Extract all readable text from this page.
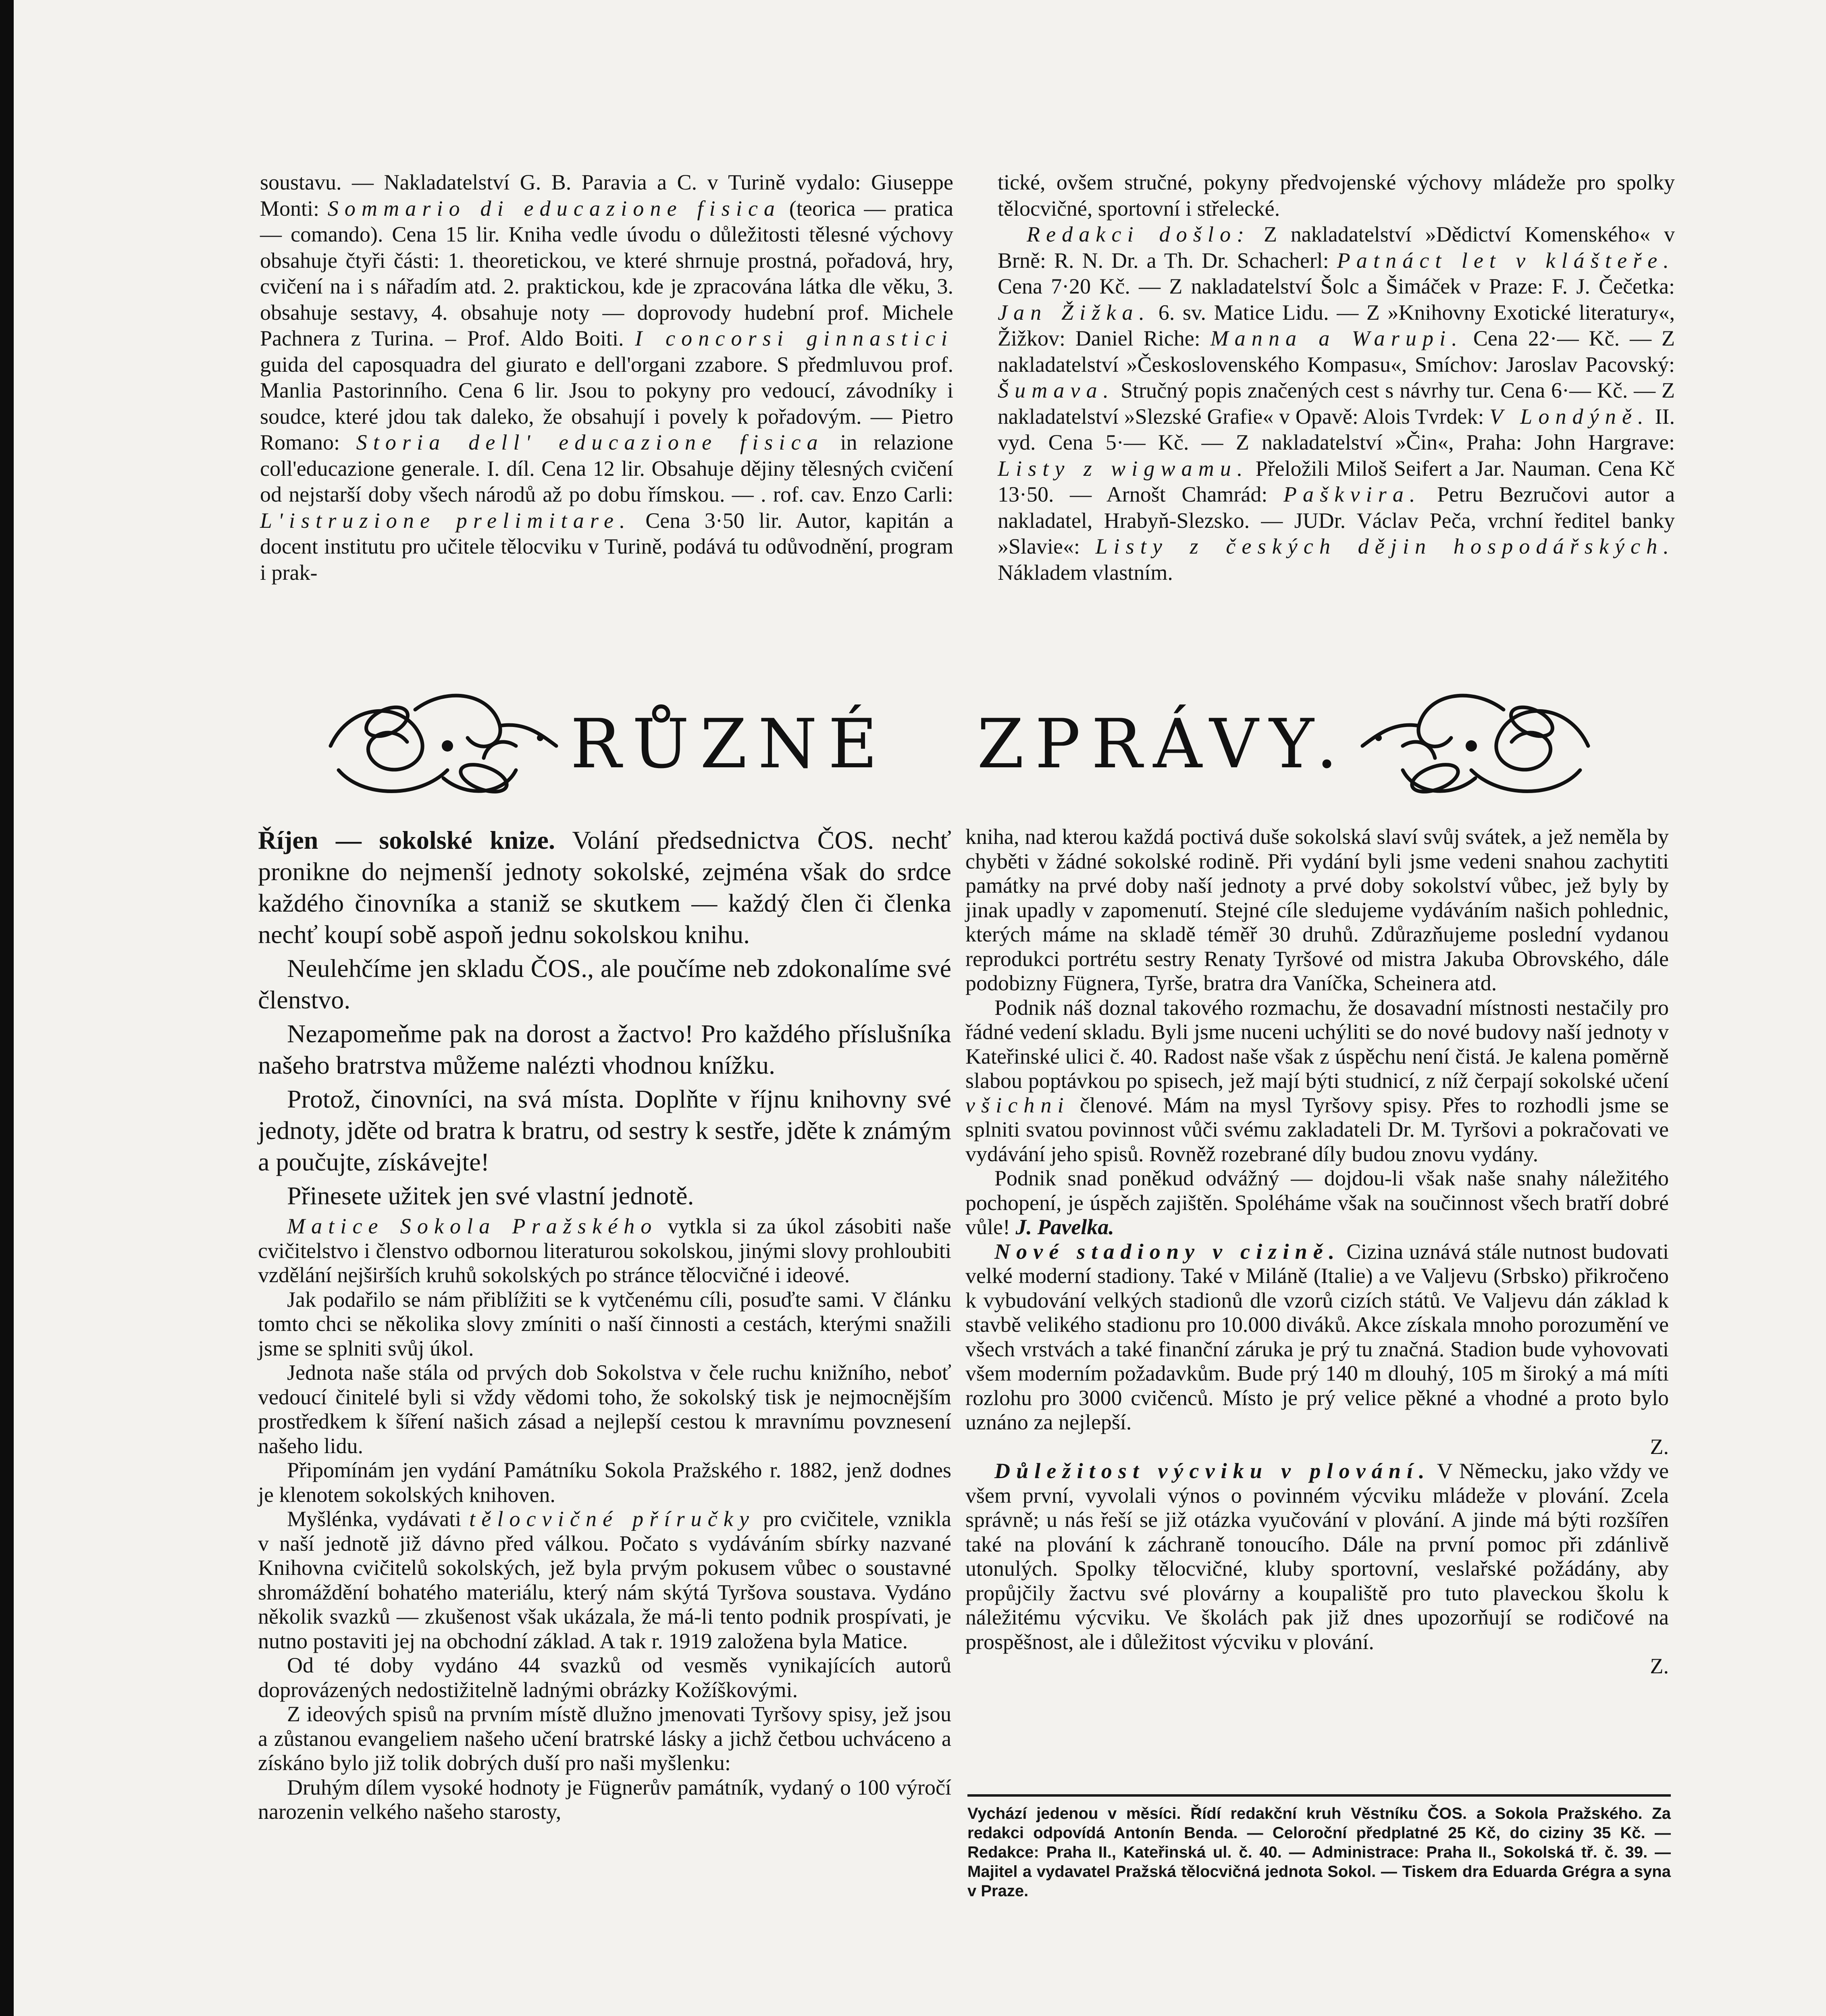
soustavu. — Nakladatelství G. B. Paravia a C. v Turině vydalo: Giuseppe Monti: Sommario di educazione fisica (teorica — pratica — comando). Cena 15 lir. Kniha vedle úvodu o důležitosti tělesné výchovy obsahuje čtyři části: 1. theoretickou, ve které shrnuje prostná, pořadová, hry, cvičení na i s nářadím atd. 2. praktickou, kde je zpracována látka dle věku, 3. obsahuje sestavy, 4. obsahuje noty — doprovody hudební prof. Michele Pachnera z Turina. – Prof. Aldo Boiti. I concorsi ginnastici guida del caposquadra del giurato e dell'organi zzabore. S předmluvou prof. Manlia Pastorinního. Cena 6 lir. Jsou to pokyny pro vedoucí, závodníky i soudce, které jdou tak daleko, že obsahují i povely k pořadovým. — Pietro Romano: Storia dell' educazione fisica in relazione coll'educazione generale. I. díl. Cena 12 lir. Obsahuje dějiny tělesných cvičení od nejstarší doby všech národů až po dobu římskou. — . rof. cav. Enzo Carli: L'istruzione prelimitare. Cena 3·50 lir. Autor, kapitán a docent institutu pro učitele tělocviku v Turině, podává tu odůvodnění, program i prak-

tické, ovšem stručné, pokyny předvojenské výchovy mládeže pro spolky tělocvičné, sportovní i střelecké.

Redakci došlo: Z nakladatelství »Dědictví Komenského« v Brně: R. N. Dr. a Th. Dr. Schacherl: Patnáct let v klášteře. Cena 7·20 Kč. — Z nakladatelství Šolc a Šimáček v Praze: F. J. Čečetka: Jan Žižka. 6. sv. Matice Lidu. — Z »Knihovny Exotické literatury«, Žižkov: Daniel Riche: Manna a Warupi. Cena 22·— Kč. — Z nakladatelství »Československého Kompasu«, Smíchov: Jaroslav Pacovský: Šumava. Stručný popis značených cest s návrhy tur. Cena 6·— Kč. — Z nakladatelství »Slezské Grafie« v Opavě: Alois Tvrdek: V Londýně. II. vyd. Cena 5·— Kč. — Z nakladatelství »Čin«, Praha: John Hargrave: Listy z wigwamu. Přeložili Miloš Seifert a Jar. Nauman. Cena Kč 13·50. — Arnošt Chamrád: Paškvira. Petru Bezručovi autor a nakladatel, Hrabyň-Slezsko. — JUDr. Václav Peča, vrchní ředitel banky »Slavie«: Listy z českých dějin hospodářských. Nákladem vlastním.

RŮZNÉ ZPRÁVY.

Říjen — sokolské knize. Volání předsednictva ČOS. nechť pronikne do nejmenší jednoty sokolské, zejména však do srdce každého činovníka a staniž se skutkem — každý člen či členka nechť koupí sobě aspoň jednu sokolskou knihu.

Neulehčíme jen skladu ČOS., ale poučíme neb zdokonalíme své členstvo.

Nezapomeňme pak na dorost a žactvo! Pro každého příslušníka našeho bratrstva můžeme nalézti vhodnou knížku.

Protož, činovníci, na svá místa. Doplňte v říjnu knihovny své jednoty, jděte od bratra k bratru, od sestry k sestře, jděte k známým a poučujte, získávejte!

Přinesete užitek jen své vlastní jednotě.

Matice Sokola Pražského vytkla si za úkol zásobiti naše cvičitelstvo i členstvo odbornou literaturou sokolskou, jinými slovy prohloubiti vzdělání nejširších kruhů sokolských po stránce tělocvičné i ideové.

Jak podařilo se nám přiblížiti se k vytčenému cíli, posuďte sami. V článku tomto chci se několika slovy zmíniti o naší činnosti a cestách, kterými snažili jsme se splniti svůj úkol.

Jednota naše stála od prvých dob Sokolstva v čele ruchu knižního, neboť vedoucí činitelé byli si vždy vědomi toho, že sokolský tisk je nejmocnějším prostředkem k šíření našich zásad a nejlepší cestou k mravnímu povznesení našeho lidu.

Připomínám jen vydání Památníku Sokola Pražského r. 1882, jenž dodnes je klenotem sokolských knihoven.

Myšlénka, vydávati tělocvičné příručky pro cvičitele, vznikla v naší jednotě již dávno před válkou. Počato s vydáváním sbírky nazvané Knihovna cvičitelů sokolských, jež byla prvým pokusem vůbec o soustavné shromáždění bohatého materiálu, který nám skýtá Tyršova soustava. Vydáno několik svazků — zkušenost však ukázala, že má-li tento podnik prospívati, je nutno postaviti jej na obchodní základ. A tak r. 1919 založena byla Matice.

Od té doby vydáno 44 svazků od vesměs vynikajících autorů doprovázených nedostižitelně ladnými obrázky Kožíškovými.

Z ideových spisů na prvním místě dlužno jmenovati Tyršovy spisy, jež jsou a zůstanou evangeliem našeho učení bratrské lásky a jichž četbou uchváceno a získáno bylo již tolik dobrých duší pro naši myšlenku:

Druhým dílem vysoké hodnoty je Fügnerův památník, vydaný o 100 výročí narozenin velkého našeho starosty,

kniha, nad kterou každá poctivá duše sokolská slaví svůj svátek, a jež neměla by chyběti v žádné sokolské rodině. Při vydání byli jsme vedeni snahou zachytiti památky na prvé doby naší jednoty a prvé doby sokolství vůbec, jež byly by jinak upadly v zapomenutí. Stejné cíle sledujeme vydáváním našich pohlednic, kterých máme na skladě téměř 30 druhů. Zdůrazňujeme poslední vydanou reprodukci portrétu sestry Renaty Tyršové od mistra Jakuba Obrovského, dále podobizny Fügnera, Tyrše, bratra dra Vaníčka, Scheinera atd.

Podnik náš doznal takového rozmachu, že dosavadní místnosti nestačily pro řádné vedení skladu. Byli jsme nuceni uchýliti se do nové budovy naší jednoty v Kateřinské ulici č. 40. Radost naše však z úspěchu není čistá. Je kalena poměrně slabou poptávkou po spisech, jež mají býti studnicí, z níž čerpají sokolské učení všichni členové. Mám na mysl Tyršovy spisy. Přes to rozhodli jsme se splniti svatou povinnost vůči svému zakladateli Dr. M. Tyršovi a pokračovati ve vydávání jeho spisů. Rovněž rozebrané díly budou znovu vydány.

Podnik snad poněkud odvážný — dojdou-li však naše snahy náležitého pochopení, je úspěch zajištěn. Spoléháme však na součinnost všech bratří dobré vůle! J. Pavelka.

Nové stadiony v cizině. Cizina uznává stále nutnost budovati velké moderní stadiony. Také v Miláně (Italie) a ve Valjevu (Srbsko) přikročeno k vybudování velkých stadionů dle vzorů cizích států. Ve Valjevu dán základ k stavbě velikého stadionu pro 10.000 diváků. Akce získala mnoho porozumění ve všech vrstvách a také finanční záruka je prý tu značná. Stadion bude vyhovovati všem moderním požadavkům. Bude prý 140 m dlouhý, 105 m široký a má míti rozlohu pro 3000 cvičenců. Místo je prý velice pěkné a vhodné a proto bylo uznáno za nejlepší.

Z.

Důležitost výcviku v plování. V Německu, jako vždy ve všem první, vyvolali výnos o povinném výcviku mládeže v plování. Zcela správně; u nás řeší se již otázka vyučování v plování. A jinde má býti rozšířen také na plování k záchraně tonoucího. Dále na první pomoc při zdánlivě utonulých. Spolky tělocvičné, kluby sportovní, veslařské požádány, aby propůjčily žactvu své plovárny a koupaliště pro tuto plaveckou školu k náležitému výcviku. Ve školách pak již dnes upozorňují se rodičové na prospěšnost, ale i důležitost výcviku v plování.

Z.

Vychází jedenou v měsíci. Řídí redakční kruh Věstníku ČOS. a Sokola Pražského. Za redakci odpovídá Antonín Benda. — Celoroční předplatné 25 Kč, do ciziny 35 Kč. — Redakce: Praha II., Kateřinská ul. č. 40. — Administrace: Praha II., Sokolská tř. č. 39. — Majitel a vydavatel Pražská tělocvičná jednota Sokol. — Tiskem dra Eduarda Grégra a syna v Praze.
